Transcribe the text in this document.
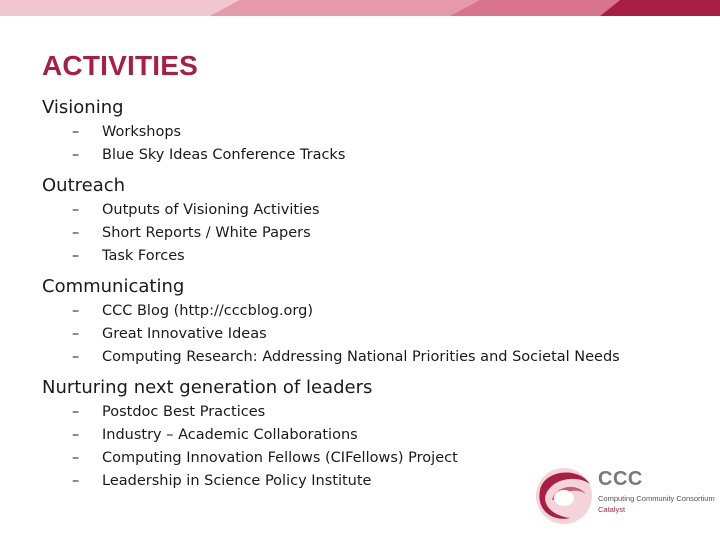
ACTIVITIES
Visioning
– Workshops
– Blue Sky Ideas Conference Tracks
Outreach
– Outputs of Visioning Activities
– Short Reports / White Papers
– Task Forces
Communicating
– CCC Blog (http://cccblog.org)
– Great Innovative Ideas
– Computing Research: Addressing National Priorities and Societal Needs
Nurturing next generation of leaders
– Postdoc Best Practices
– Industry – Academic Collaborations
– Computing Innovation Fellows (CIFellows) Project
– Leadership in Science Policy Institute	CCC
Computing Community Consortium
Catalyst
